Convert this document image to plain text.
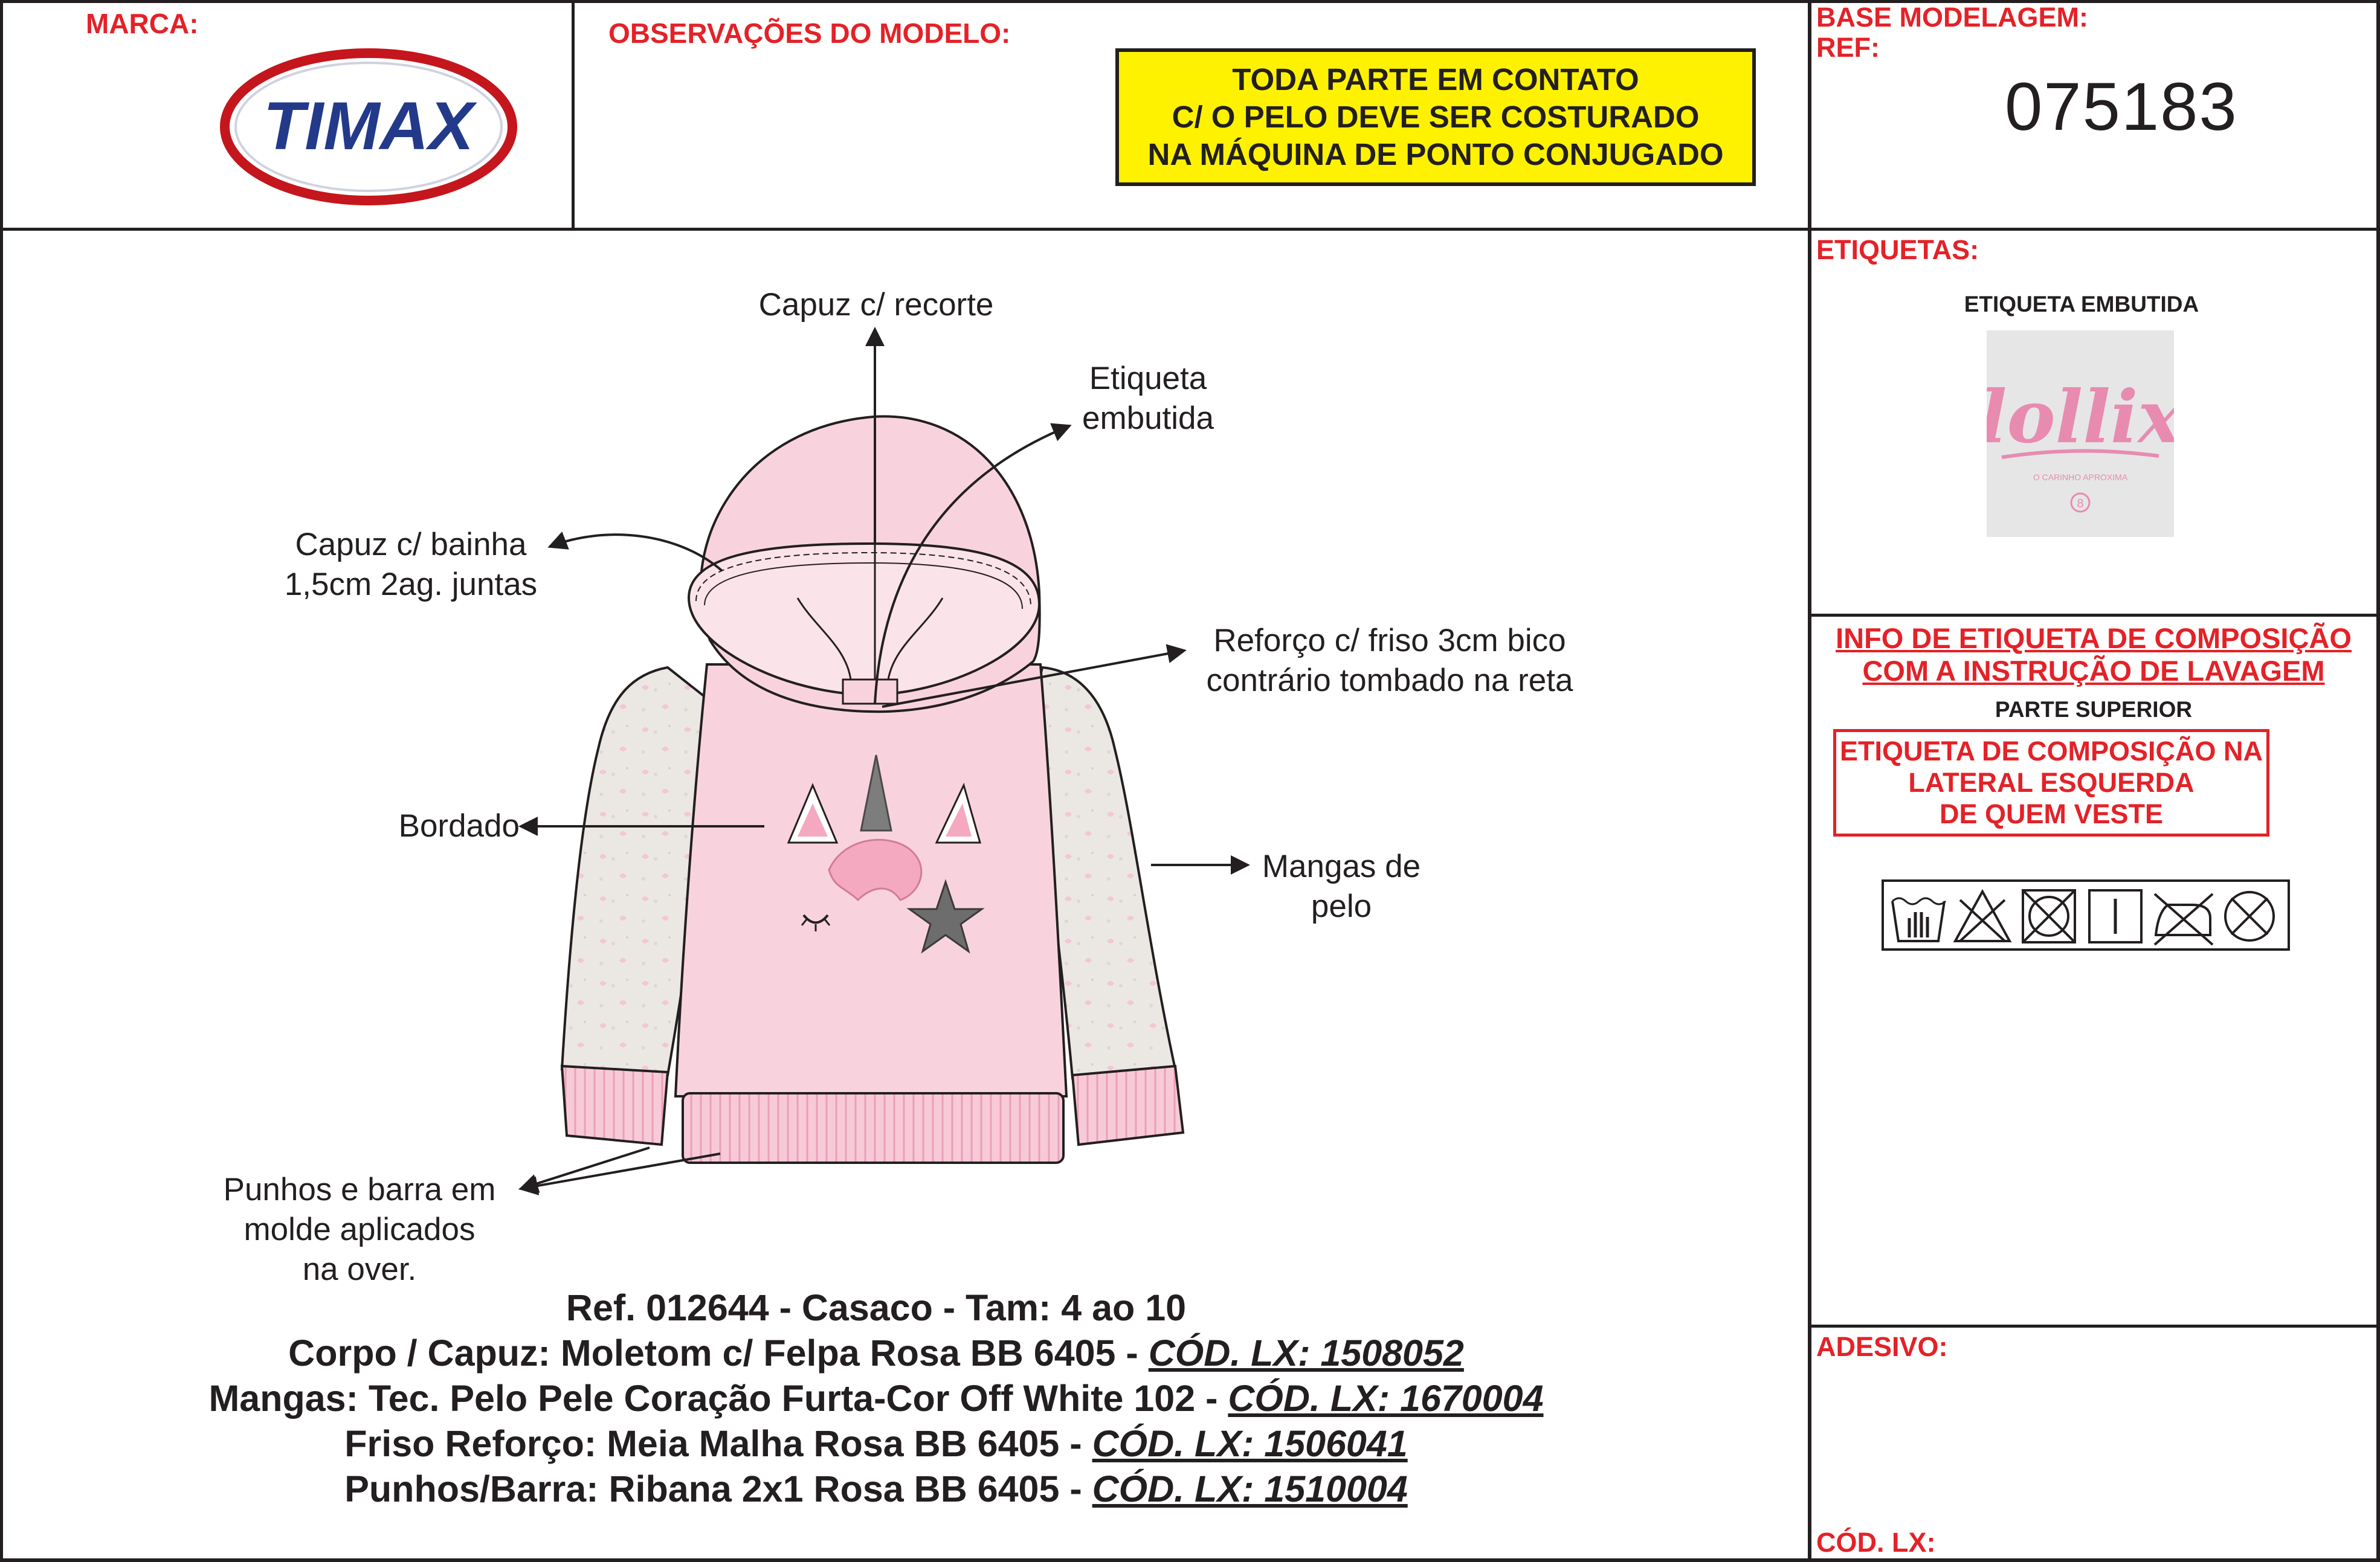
MARCA:
TIMAX
OBSERVAÇÕES DO MODELO:
TODA PARTE EM CONTATO
C/ O PELO DEVE SER COSTURADO
NA MÁQUINA DE PONTO CONJUGADO
BASE MODELAGEM:
REF:
075183
Capuz c/ recorte
Etiqueta
embutida
Capuz c/ bainha
1,5cm 2ag. juntas
Reforço c/ friso 3cm bico
contrário tombado na reta
Bordado
Mangas de
pelo
Punhos e barra em
molde aplicados
na over.
Ref. 012644 - Casaco - Tam: 4 ao 10
Corpo / Capuz: Moletom c/ Felpa Rosa BB 6405 - CÓD. LX: 1508052
Mangas: Tec. Pelo Pele Coração Furta-Cor Off White 102 - CÓD. LX: 1670004
Friso Reforço: Meia Malha Rosa BB 6405 - CÓD. LX: 1506041
Punhos/Barra: Ribana 2x1 Rosa BB 6405 - CÓD. LX: 1510004
ETIQUETAS:
ETIQUETA EMBUTIDA
lollix
O CARINHO APROXIMA
8
INFO DE ETIQUETA DE COMPOSIÇÃO
COM A INSTRUÇÃO DE LAVAGEM
PARTE SUPERIOR
ETIQUETA DE COMPOSIÇÃO NA
LATERAL ESQUERDA
DE QUEM VESTE
ADESIVO:
CÓD. LX:
